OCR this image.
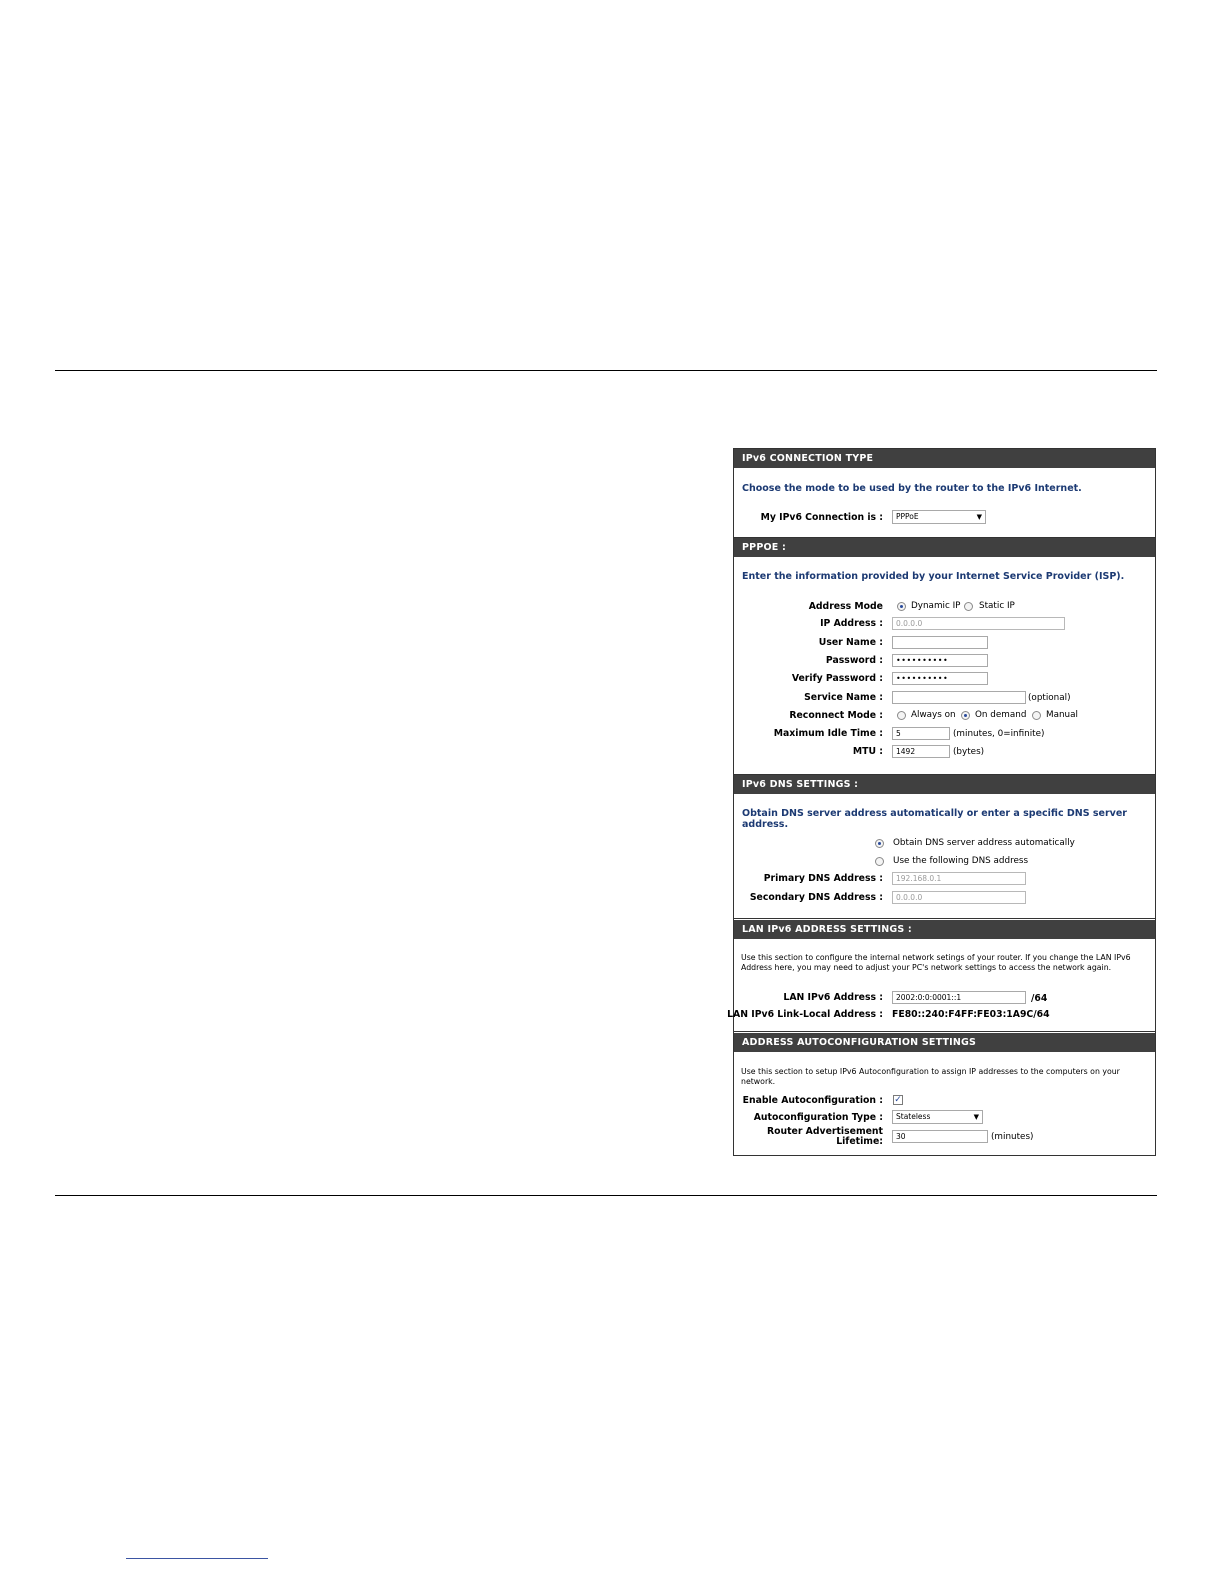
IPv6 CONNECTION TYPE
Choose the mode to be used by the router to the IPv6 Internet.
My IPv6 Connection is :	PPPoE	▼
PPPOE :
Enter the information provided by your Internet Service Provider (ISP).
Address Mode	Dynamic IP Static IP
IP Address :	0.0.0.0
User Name :
Password :	••••••••••
Verify Password :	••••••••••
Service Name :	(optional)
Reconnect Mode :	Always on On demand Manual
Maximum Idle Time :	5	(minutes, 0=infinite)
MTU :	1492	(bytes)
IPv6 DNS SETTINGS :
Obtain DNS server address automatically or enter a specific DNS server address.
Obtain DNS server address automatically
Use the following DNS address
Primary DNS Address :	192.168.0.1
Secondary DNS Address :	0.0.0.0
LAN IPv6 ADDRESS SETTINGS :
Use this section to configure the internal network setings of your router. If you change the LAN IPv6 Address here, you may need to adjust your PC's network settings to access the network again.
LAN IPv6 Address :	2002:0:0:0001::1	/64
LAN IPv6 Link-Local Address : FE80::240:F4FF:FE03:1A9C/64
ADDRESS AUTOCONFIGURATION SETTINGS
Use this section to setup IPv6 Autoconfiguration to assign IP addresses to the computers on your network.
Enable Autoconfiguration : ✓
Autoconfiguration Type :	Stateless	▼
Router Advertisement
Lifetime:	30	(minutes)
